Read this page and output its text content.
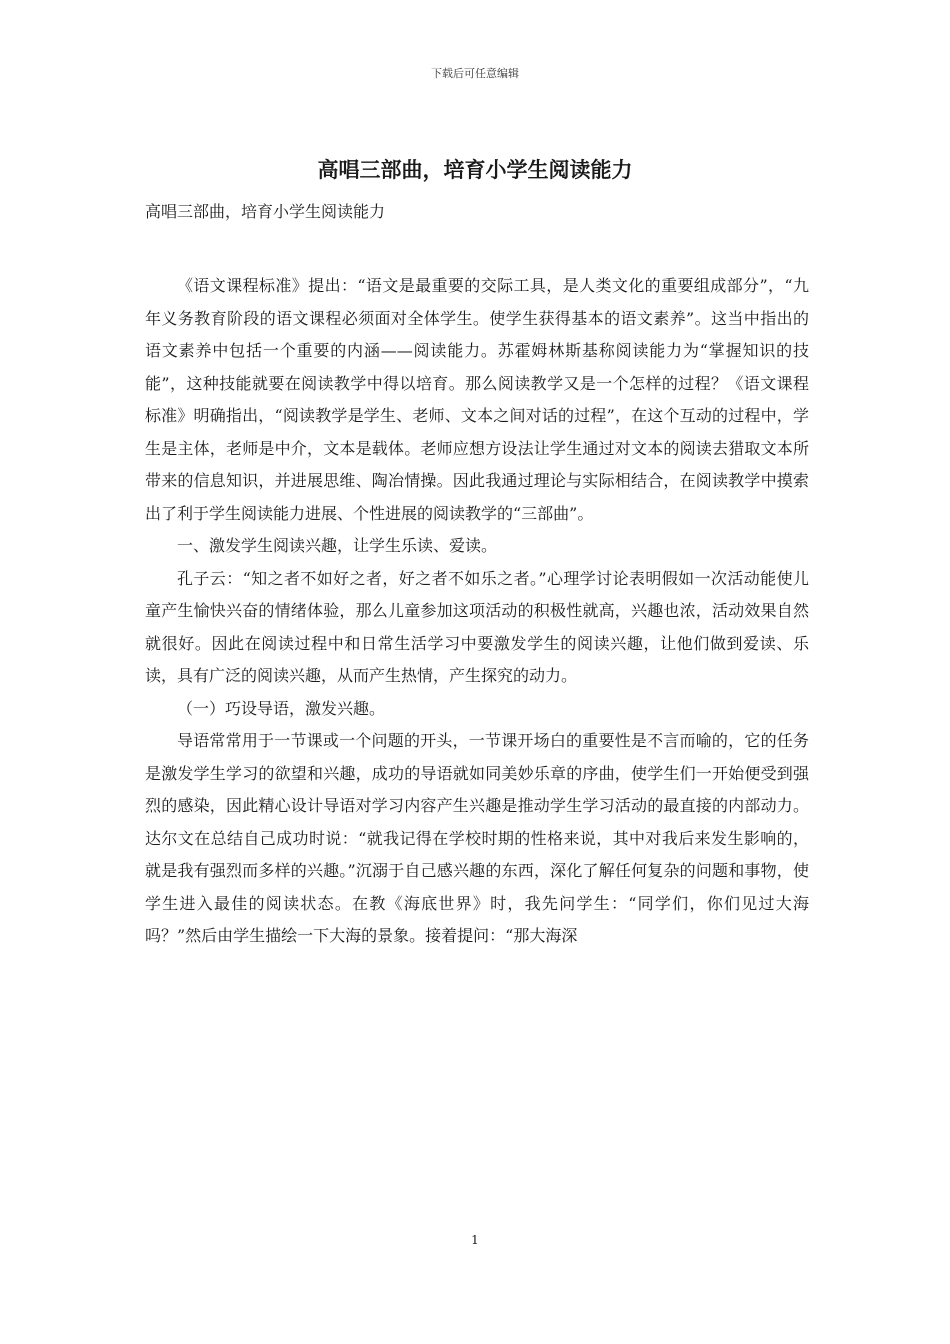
下载后可任意编辑
高唱三部曲，培育小学生阅读能力

高唱三部曲，培育小学生阅读能力

《语文课程标准》提出：“语文是最重要的交际工具，是人类文化的重要组成部分”，“九年义务教育阶段的语文课程必须面对全体学生。使学生获得基本的语文素养”。这当中指出的语文素养中包括一个重要的内涵——阅读能力。苏霍姆林斯基称阅读能力为“掌握知识的技能”，这种技能就要在阅读教学中得以培育。那么阅读教学又是一个怎样的过程？《语文课程标准》明确指出，“阅读教学是学生、老师、文本之间对话的过程”，在这个互动的过程中，学生是主体，老师是中介，文本是载体。老师应想方设法让学生通过对文本的阅读去猎取文本所带来的信息知识，并进展思维、陶冶情操。因此我通过理论与实际相结合，在阅读教学中摸索出了利于学生阅读能力进展、个性进展的阅读教学的“三部曲”。

一、激发学生阅读兴趣，让学生乐读、爱读。

孔子云：“知之者不如好之者，好之者不如乐之者。”心理学讨论表明假如一次活动能使儿童产生愉快兴奋的情绪体验，那么儿童参加这项活动的积极性就高，兴趣也浓，活动效果自然就很好。因此在阅读过程中和日常生活学习中要激发学生的阅读兴趣，让他们做到爱读、乐读，具有广泛的阅读兴趣，从而产生热情，产生探究的动力。

（一）巧设导语，激发兴趣。

导语常常用于一节课或一个问题的开头，一节课开场白的重要性是不言而喻的，它的任务是激发学生学习的欲望和兴趣，成功的导语就如同美妙乐章的序曲，使学生们一开始便受到强烈的感染，因此精心设计导语对学习内容产生兴趣是推动学生学习活动的最直接的内部动力。达尔文在总结自己成功时说：“就我记得在学校时期的性格来说，其中对我后来发生影响的，就是我有强烈而多样的兴趣。”沉溺于自己感兴趣的东西，深化了解任何复杂的问题和事物，使学生进入最佳的阅读状态。在教《海底世界》时，我先问学生：“同学们，你们见过大海吗？”然后由学生描绘一下大海的景象。接着提问：“那大海深

1
